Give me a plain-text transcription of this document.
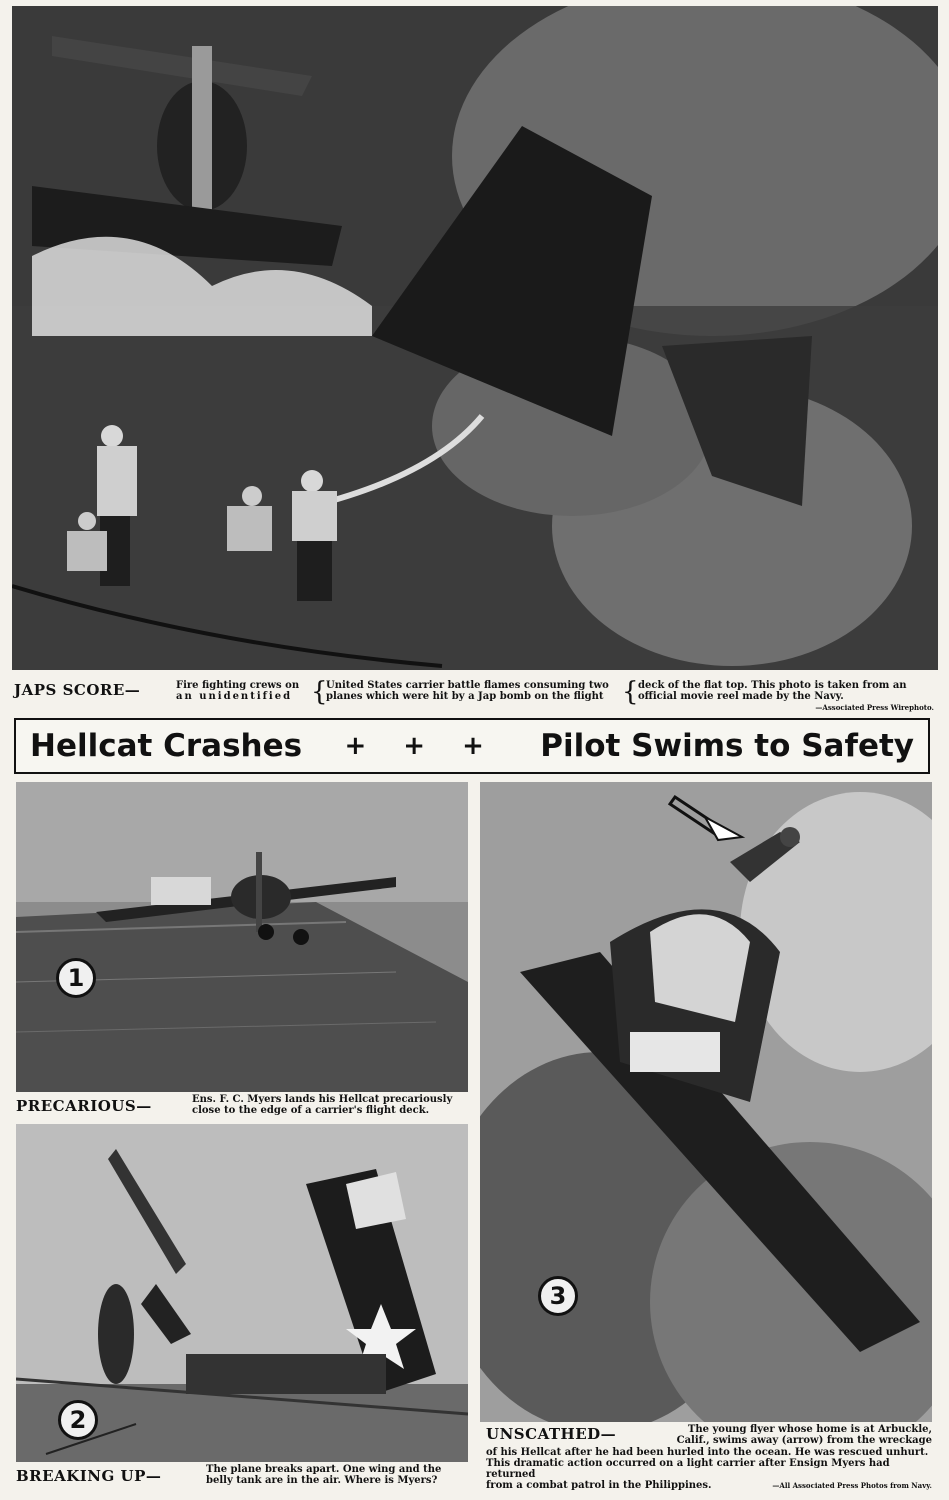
JAPS SCORE—	Fire fighting crews on
an unidentified {
United States carrier battle flames consuming two
planes which were hit by a Jap bomb on the flight { deck of the flat top. This photo is taken from an
official movie reel made by the Navy.
—Associated Press Wirephoto.
Hellcat Crashes + + + Pilot Swims to Safety
1
PRECARIOUS—	Ens. F. C. Myers lands his Hellcat precariously
close to the edge of a carrier's flight deck.
2
BREAKING UP—	The plane breaks apart. One wing and the
belly tank are in the air. Where is Myers?
3
UNSCATHED—	The young flyer whose home is at Arbuckle,
Calif., swims away (arrow) from the wreckage
of his Hellcat after he had been hurled into the ocean. He was rescued unhurt.
This dramatic action occurred on a light carrier after Ensign Myers had returned
from a combat patrol in the Philippines.	—All Associated Press Photos from Navy.
